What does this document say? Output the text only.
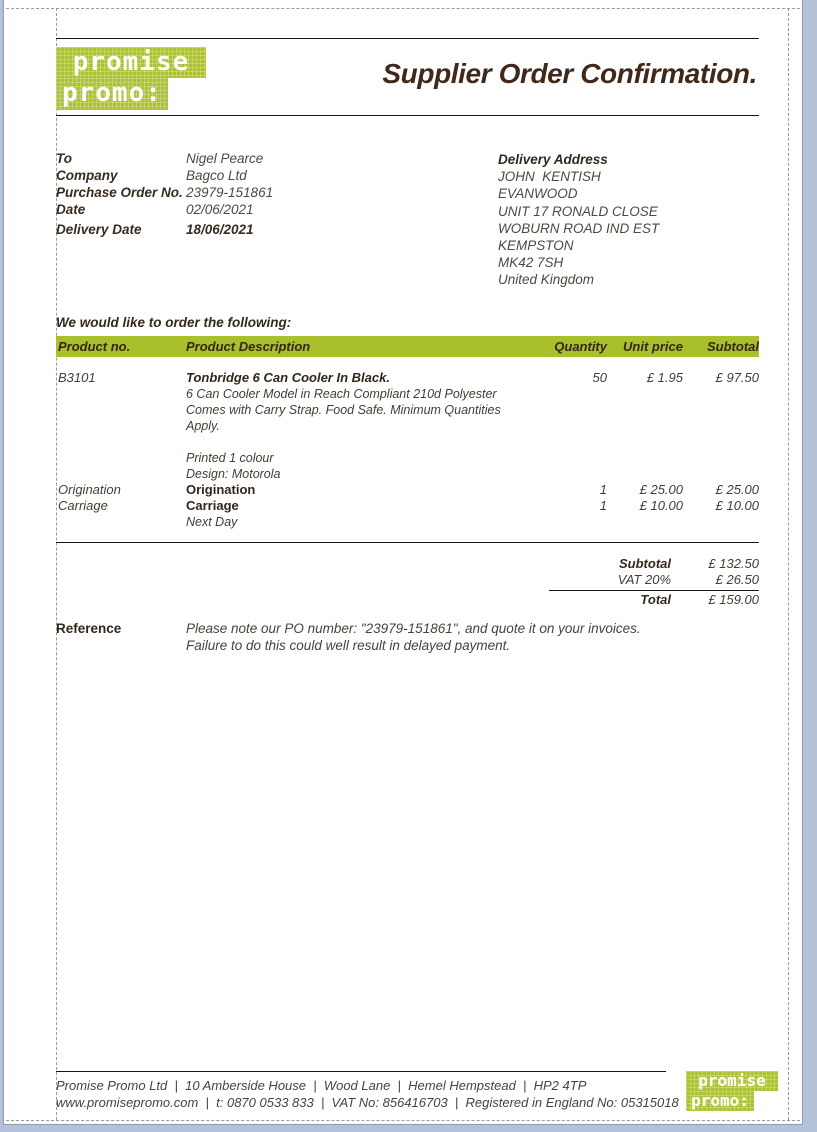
promise
promo:
Supplier Order Confirmation.
To	Nigel Pearce
Company	Bagco Ltd
Purchase Order No. 23979-151861
Date	02/06/2021
Delivery Date	18/06/2021
Delivery Address
JOHN  KENTISH
EVANWOOD
UNIT 17 RONALD CLOSE
WOBURN ROAD IND EST
KEMPSTON
MK42 7SH
United Kingdom
We would like to order the following:
Product no.	Product Description	Quantity	Unit price	Subtotal
B3101	Tonbridge 6 Can Cooler In Black.	50	£ 1.95	£ 97.50
6 Can Cooler Model in Reach Compliant 210d Polyester
Comes with Carry Strap. Food Safe. Minimum Quantities
Apply.
Printed 1 colour
Design: Motorola
Origination	Origination	1	£ 25.00	£ 25.00
Carriage	Carriage	1	£ 10.00	£ 10.00
Next Day
Subtotal	£ 132.50
VAT 20%	£ 26.50
Total	£ 159.00
Reference	Please note our PO number: "23979-151861", and quote it on your invoices.
Failure to do this could well result in delayed payment.
Promise Promo Ltd  |  10 Amberside House  |  Wood Lane  |  Hemel Hempstead  |  HP2 4TP
www.promisepromo.com  |  t: 0870 0533 833  |  VAT No: 856416703  |  Registered in England No: 05315018
promise
promo:
